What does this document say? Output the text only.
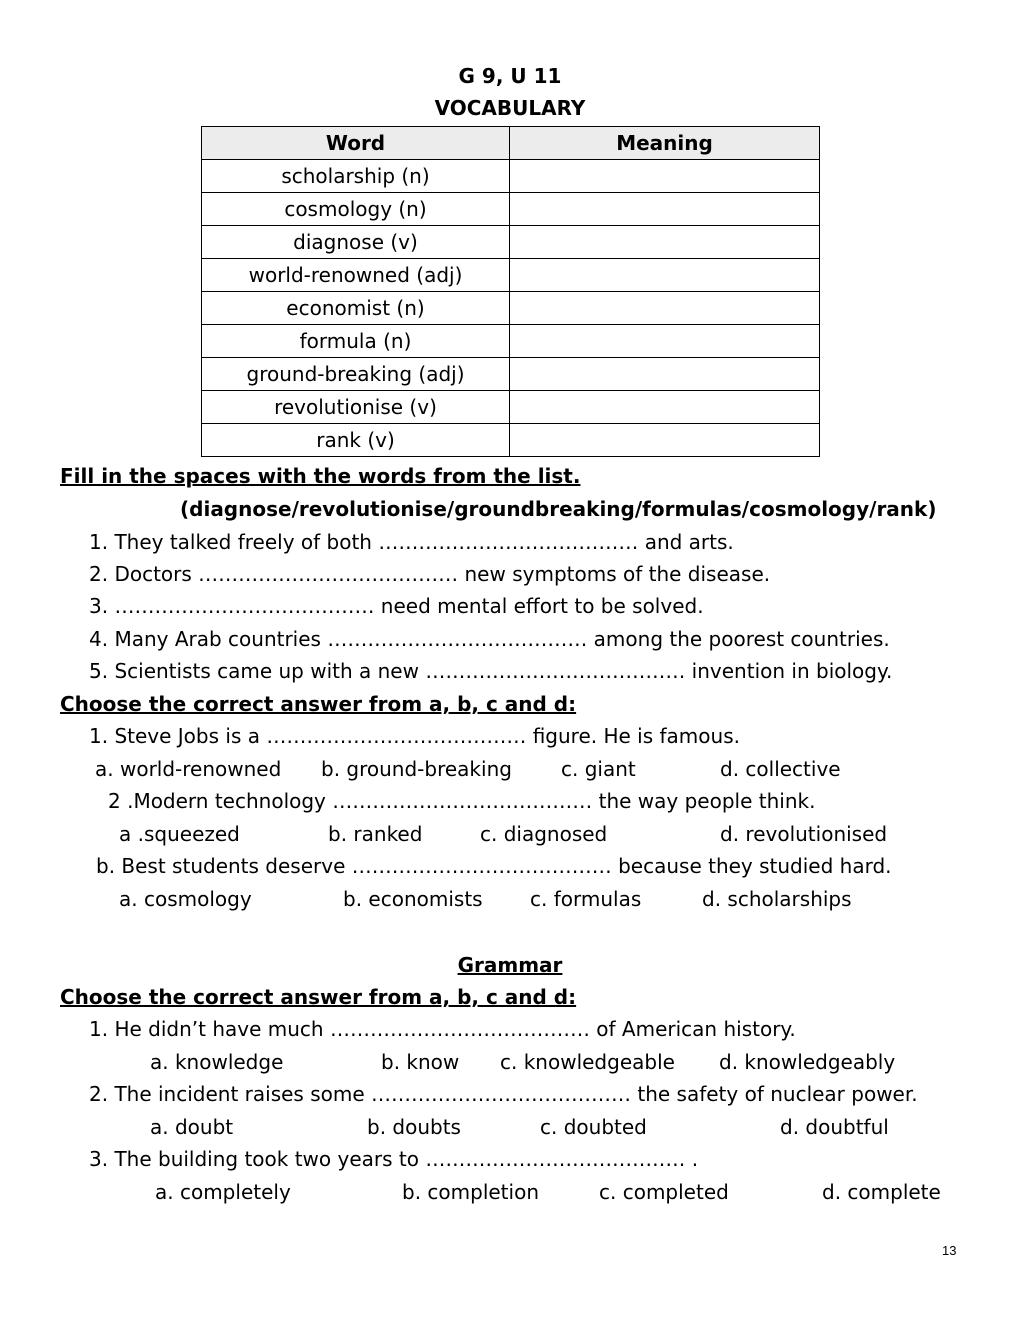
G 9, U 11
VOCABULARY
Word	Meaning
scholarship (n)	
cosmology (n)	
diagnose (v)	
world-renowned (adj)	
economist (n)	
formula (n)	
ground-breaking (adj)	
revolutionise (v)	
rank (v)	
Fill in the spaces with the words from the list.
(diagnose/revolutionise/groundbreaking/formulas/cosmology/rank)
1. They talked freely of both ………………………………… and arts.
2. Doctors ………………………………… new symptoms of the disease.
3. ………………………………… need mental effort to be solved.
4. Many Arab countries ………………………………… among the poorest countries.
5. Scientists came up with a new ………………………………… invention in biology.
Choose the correct answer from a, b, c and d:
1. Steve Jobs is a ………………………………… figure. He is famous.
a. world-renowned b. ground-breaking c. giant	d. collective
2 .Modern technology ………………………………… the way people think.
a .squeezed	b. ranked	c. diagnosed	d. revolutionised
b. Best students deserve ………………………………… because they studied hard.
a. cosmology	b. economists c. formulas	d. scholarships
Grammar
Choose the correct answer from a, b, c and d:
1. He didn’t have much ………………………………… of American history.
a. knowledge	b. know c. knowledgeable d. knowledgeably
2. The incident raises some ………………………………… the safety of nuclear power.
a. doubt	b. doubts	c. doubted	d. doubtful
3. The building took two years to ………………………………… .
a. completely	b. completion	c. completed	d. complete
13
